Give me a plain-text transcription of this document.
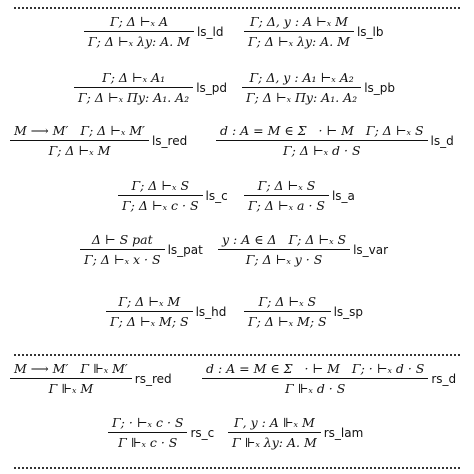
$\frac{\text{Γ; Δ ⊢ₓ A}}{\text{Γ; Δ ⊢ₓ λy: A. M}}$ ls_ld $\frac{\text{Γ; Δ, y : A ⊢ₓ M}}{\text{Γ; Δ ⊢ₓ λy: A. M}}$ ls_lb
$\frac{\text{Γ; Δ ⊢ₓ A₁}}{\text{Γ; Δ ⊢ₓ Πy: A₁. A₂}}$ ls_pd $\frac{\text{Γ; Δ, y : A₁ ⊢ₓ A₂}}{\text{Γ; Δ ⊢ₓ Πy: A₁. A₂}}$ ls_pb
$\frac{\text{M ⟶ M′ Γ; Δ ⊢ₓ M′}}{\text{Γ; Δ ⊢ₓ M}}$ ls_red $\frac{\text{d : A = M ∈ Σ · ⊢ M Γ; Δ ⊢ₓ S}}{\text{Γ; Δ ⊢ₓ d · S}}$ ls_d
$\frac{\text{Γ; Δ ⊢ₓ S}}{\text{Γ; Δ ⊢ₓ c · S}}$ ls_c $\frac{\text{Γ; Δ ⊢ₓ S}}{\text{Γ; Δ ⊢ₓ a · S}}$ ls_a
$\frac{\text{Δ ⊢ S pat}}{\text{Γ; Δ ⊢ₓ x · S}}$ ls_pat $\frac{\text{y : A ∈ Δ Γ; Δ ⊢ₓ S}}{\text{Γ; Δ ⊢ₓ y · S}}$ ls_var
$\frac{\text{Γ; Δ ⊢ₓ M}}{\text{Γ; Δ ⊢ₓ M; S}}$ ls_hd $\frac{\text{Γ; Δ ⊢ₓ S}}{\text{Γ; Δ ⊢ₓ M; S}}$ ls_sp
$\frac{\text{M ⟶ M′ Γ ⊩ₓ M′}}{\text{Γ ⊩ₓ M}}$ rs_red $\frac{\text{d : A = M ∈ Σ · ⊢ M Γ; · ⊢ₓ d · S}}{\text{Γ ⊩ₓ d · S}}$ rs_d
$\frac{\text{Γ; · ⊢ₓ c · S}}{\text{Γ ⊩ₓ c · S}}$ rs_c $\frac{\text{Γ, y : A ⊩ₓ M}}{\text{Γ ⊩ₓ λy: A. M}}$ rs_lam
